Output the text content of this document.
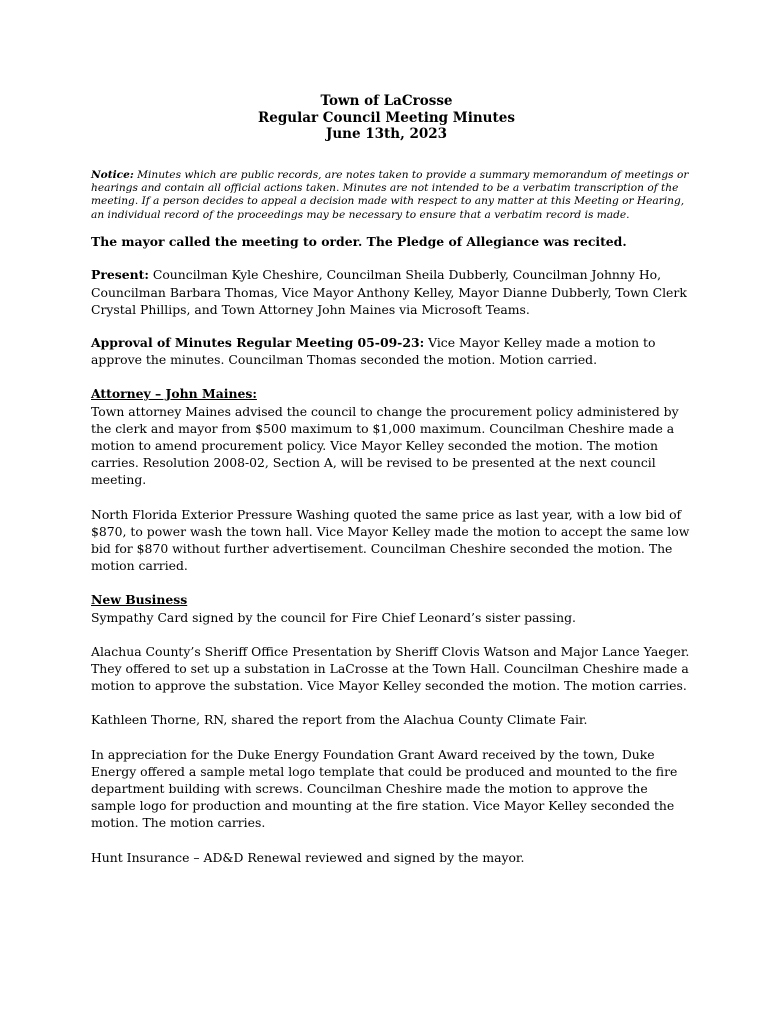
Town of LaCrosse
Regular Council Meeting Minutes
June 13th, 2023
Notice: Minutes which are public records, are notes taken to provide a summary memorandum of meetings or hearings and contain all official actions taken. Minutes are not intended to be a verbatim transcription of the meeting. If a person decides to appeal a decision made with respect to any matter at this Meeting or Hearing, an individual record of the proceedings may be necessary to ensure that a verbatim record is made.

The mayor called the meeting to order. The Pledge of Allegiance was recited.

Present: Councilman Kyle Cheshire, Councilman Sheila Dubberly, Councilman Johnny Ho, Councilman Barbara Thomas, Vice Mayor Anthony Kelley, Mayor Dianne Dubberly, Town Clerk Crystal Phillips, and Town Attorney John Maines via Microsoft Teams.

Approval of Minutes Regular Meeting 05-09-23: Vice Mayor Kelley made a motion to approve the minutes. Councilman Thomas seconded the motion. Motion carried.

Attorney – John Maines:

Town attorney Maines advised the council to change the procurement policy administered by the clerk and mayor from $500 maximum to $1,000 maximum. Councilman Cheshire made a motion to amend procurement policy. Vice Mayor Kelley seconded the motion. The motion carries. Resolution 2008-02, Section A, will be revised to be presented at the next council meeting.

North Florida Exterior Pressure Washing quoted the same price as last year, with a low bid of $870, to power wash the town hall. Vice Mayor Kelley made the motion to accept the same low bid for $870 without further advertisement. Councilman Cheshire seconded the motion. The motion carried.

New Business

Sympathy Card signed by the council for Fire Chief Leonard’s sister passing.

Alachua County’s Sheriff Office Presentation by Sheriff Clovis Watson and Major Lance Yaeger. They offered to set up a substation in LaCrosse at the Town Hall. Councilman Cheshire made a motion to approve the substation. Vice Mayor Kelley seconded the motion. The motion carries.

Kathleen Thorne, RN, shared the report from the Alachua County Climate Fair.

In appreciation for the Duke Energy Foundation Grant Award received by the town, Duke Energy offered a sample metal logo template that could be produced and mounted to the fire department building with screws. Councilman Cheshire made the motion to approve the sample logo for production and mounting at the fire station. Vice Mayor Kelley seconded the motion. The motion carries.

Hunt Insurance – AD&D Renewal reviewed and signed by the mayor.
